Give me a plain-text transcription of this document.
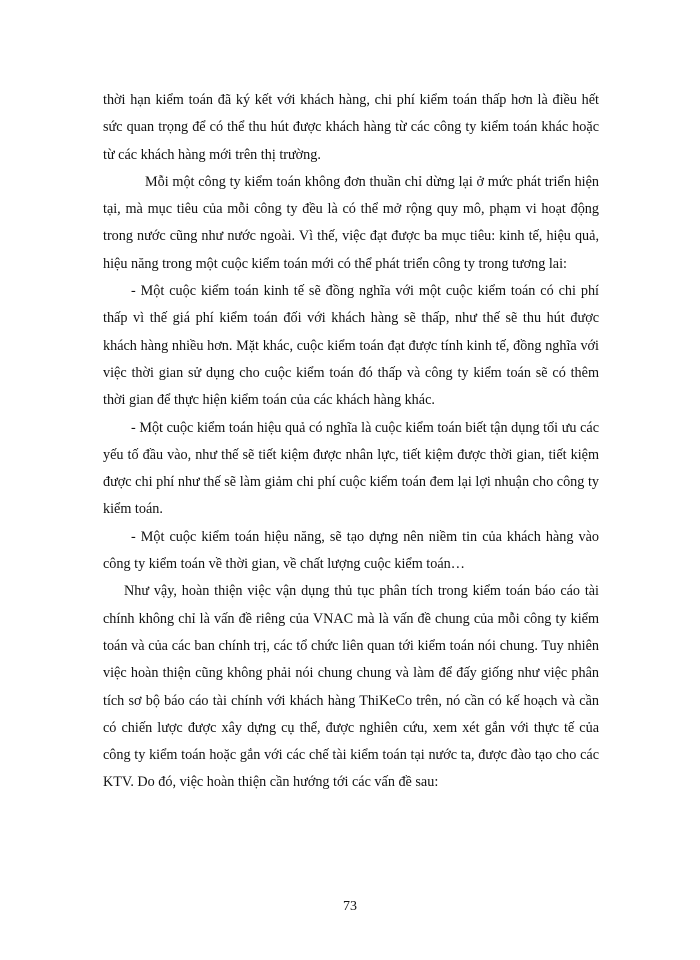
thời hạn kiểm toán đã ký kết với khách hàng, chi phí kiểm toán thấp hơn là điều hết sức quan trọng để có thể thu hút được khách hàng từ các công ty kiểm toán khác hoặc từ các khách hàng mới trên thị trường.

Mỗi một công ty kiểm toán không đơn thuần chỉ dừng lại ở mức phát triển hiện tại, mà mục tiêu của mỗi công ty đều là có thể mở rộng quy mô, phạm vi hoạt động trong nước cũng như nước ngoài. Vì thế, việc đạt được ba mục tiêu: kinh tế, hiệu quả, hiệu năng trong một cuộc kiểm toán mới có thể phát triển công ty trong tương lai:

- Một cuộc kiểm toán kinh tế sẽ đồng nghĩa với một cuộc kiểm toán có chi phí thấp vì thế giá phí kiểm toán đối với khách hàng sẽ thấp, như thế sẽ thu hút được khách hàng nhiều hơn. Mặt khác, cuộc kiểm toán đạt được tính kinh tế, đồng nghĩa với việc thời gian sử dụng cho cuộc kiểm toán đó thấp và công ty kiểm toán sẽ có thêm thời gian để thực hiện kiểm toán của các khách hàng khác.

- Một cuộc kiểm toán hiệu quả có nghĩa là cuộc kiểm toán biết tận dụng tối ưu các yếu tố đầu vào, như thế sẽ tiết kiệm được nhân lực, tiết kiệm được thời gian, tiết kiệm được chi phí như thế sẽ làm giảm chi phí cuộc kiểm toán đem lại lợi nhuận cho công ty kiểm toán.

- Một cuộc kiểm toán hiệu năng, sẽ tạo dựng nên niềm tin của khách hàng vào công ty kiểm toán về thời gian, về chất lượng cuộc kiểm toán…

Như vậy, hoàn thiện việc vận dụng thủ tục phân tích trong kiểm toán báo cáo tài chính không chỉ là vấn đề riêng của VNAC mà là vấn đề chung của mỗi công ty kiểm toán và của các ban chính trị, các tổ chức liên quan tới kiểm toán nói chung. Tuy nhiên việc hoàn thiện cũng không phải nói chung chung và làm để đấy giống như việc phân tích sơ bộ báo cáo tài chính với khách hàng ThiKeCo trên, nó cần có kế hoạch và cần có chiến lược được xây dựng cụ thể, được nghiên cứu, xem xét gắn với thực tế của công ty kiểm toán hoặc gắn với các chế tài kiểm toán tại nước ta, được đào tạo cho các KTV. Do đó, việc hoàn thiện cần hướng tới các vấn đề sau:

73
